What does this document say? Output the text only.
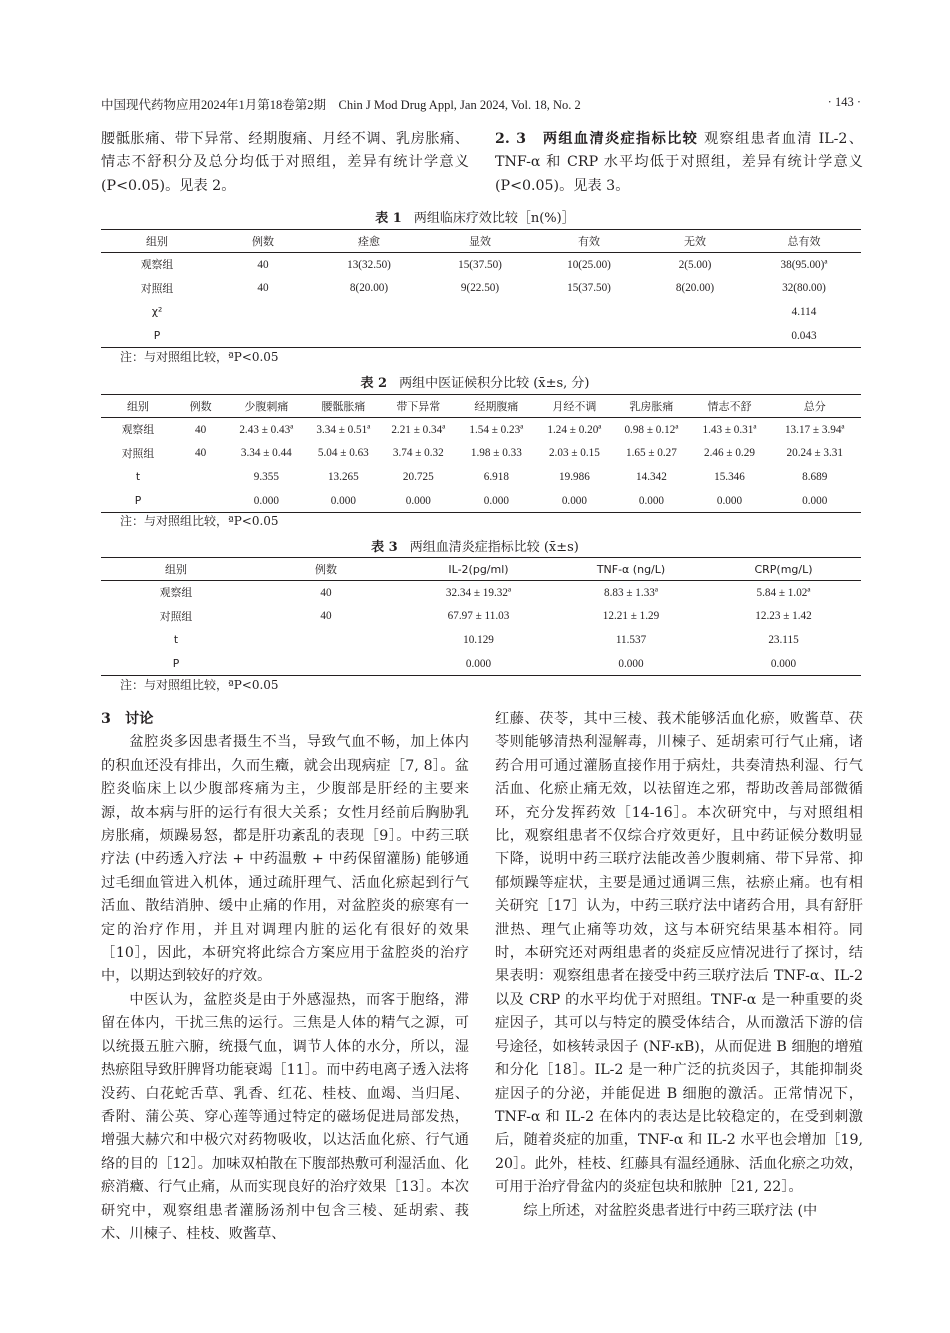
中国现代药物应用2024年1月第18卷第2期　Chin J Mod Drug Appl, Jan 2024, Vol. 18, No. 2	· 143 ·

腰骶胀痛、带下异常、经期腹痛、月经不调、乳房胀痛、情志不舒积分及总分均低于对照组，差异有统计学意义 (P<0.05)。见表 2。

2. 3　两组血清炎症指标比较 观察组患者血清 IL-2、TNF-α 和 CRP 水平均低于对照组，差异有统计学意义 (P<0.05)。见表 3。

表 1 两组临床疗效比较［n(%)］
组别	例数	痊愈	显效	有效	无效	总有效
观察组	40	13(32.50)	15(37.50)	10(25.00)	2(5.00)	38(95.00)ª
对照组	40	8(20.00)	9(22.50)	15(37.50)	8(20.00)	32(80.00)
χ²						4.114
P						0.043
注：与对照组比较，ªP<0.05
表 2 两组中医证候积分比较 (x̄±s, 分)
组别	例数	少腹刺痛	腰骶胀痛	带下异常	经期腹痛	月经不调	乳房胀痛	情志不舒	总分
观察组	40	2.43 ± 0.43ª	3.34 ± 0.51ª	2.21 ± 0.34ª	1.54 ± 0.23ª	1.24 ± 0.20ª	0.98 ± 0.12ª	1.43 ± 0.31ª	13.17 ± 3.94ª
对照组	40	3.34 ± 0.44	5.04 ± 0.63	3.74 ± 0.32	1.98 ± 0.33	2.03 ± 0.15	1.65 ± 0.27	2.46 ± 0.29	20.24 ± 3.31
t		9.355	13.265	20.725	6.918	19.986	14.342	15.346	8.689
P		0.000	0.000	0.000	0.000	0.000	0.000	0.000	0.000
注：与对照组比较，ªP<0.05
表 3 两组血清炎症指标比较 (x̄±s)
组别	例数	IL-2(pg/ml)	TNF-α (ng/L)	CRP(mg/L)
观察组	40	32.34 ± 19.32ª	8.83 ± 1.33ª	5.84 ± 1.02ª
对照组	40	67.97 ± 11.03	12.21 ± 1.29	12.23 ± 1.42
t		10.129	11.537	23.115
P		0.000	0.000	0.000
注：与对照组比较，ªP<0.05

3　讨论

盆腔炎多因患者摄生不当，导致气血不畅，加上体内的积血还没有排出，久而生癥，就会出现病症［7, 8］。盆腔炎临床上以少腹部疼痛为主，少腹部是肝经的主要来源，故本病与肝的运行有很大关系；女性月经前后胸胁乳房胀痛，烦躁易怒，都是肝功紊乱的表现［9］。中药三联疗法 (中药透入疗法 + 中药温敷 + 中药保留灌肠) 能够通过毛细血管进入机体，通过疏肝理气、活血化瘀起到行气活血、散结消肿、缓中止痛的作用，对盆腔炎的瘀寒有一定的治疗作用，并且对调理内脏的运化有很好的效果［10］，因此，本研究将此综合方案应用于盆腔炎的治疗中，以期达到较好的疗效。

中医认为，盆腔炎是由于外感湿热，而客于胞络，滞留在体内，干扰三焦的运行。三焦是人体的精气之源，可以统摄五脏六腑，统摄气血，调节人体的水分，所以，湿热瘀阻导致肝脾肾功能衰竭［11］。而中药电离子透入法将没药、白花蛇舌草、乳香、红花、桂枝、血竭、当归尾、香附、蒲公英、穿心莲等通过特定的磁场促进局部发热，增强大赫穴和中极穴对药物吸收，以达活血化瘀、行气通络的目的［12］。加味双柏散在下腹部热敷可利湿活血、化瘀消癥、行气止痛，从而实现良好的治疗效果［13］。本次研究中，观察组患者灌肠汤剂中包含三棱、延胡索、莪术、川楝子、桂枝、败酱草、

红藤、茯苓，其中三棱、莪术能够活血化瘀，败酱草、茯苓则能够清热利湿解毒，川楝子、延胡索可行气止痛，诸药合用可通过灌肠直接作用于病灶，共奏清热利湿、行气活血、化瘀止痛无效，以祛留连之邪，帮助改善局部微循环，充分发挥药效［14-16］。本次研究中，与对照组相比，观察组患者不仅综合疗效更好，且中药证候分数明显下降，说明中药三联疗法能改善少腹刺痛、带下异常、抑郁烦躁等症状，主要是通过通调三焦，祛瘀止痛。也有相关研究［17］认为，中药三联疗法中诸药合用，具有舒肝泄热、理气止痛等功效，这与本研究结果基本相符。同时，本研究还对两组患者的炎症反应情况进行了探讨，结果表明：观察组患者在接受中药三联疗法后 TNF-α、IL-2 以及 CRP 的水平均优于对照组。TNF-α 是一种重要的炎症因子，其可以与特定的膜受体结合，从而激活下游的信号途径，如核转录因子 (NF-κB)，从而促进 B 细胞的增殖和分化［18］。IL-2 是一种广泛的抗炎因子，其能抑制炎症因子的分泌，并能促进 B 细胞的激活。正常情况下，TNF-α 和 IL-2 在体内的表达是比较稳定的，在受到刺激后，随着炎症的加重，TNF-α 和 IL-2 水平也会增加［19, 20］。此外，桂枝、红藤具有温经通脉、活血化瘀之功效，可用于治疗骨盆内的炎症包块和脓肿［21, 22］。

综上所述，对盆腔炎患者进行中药三联疗法 (中
